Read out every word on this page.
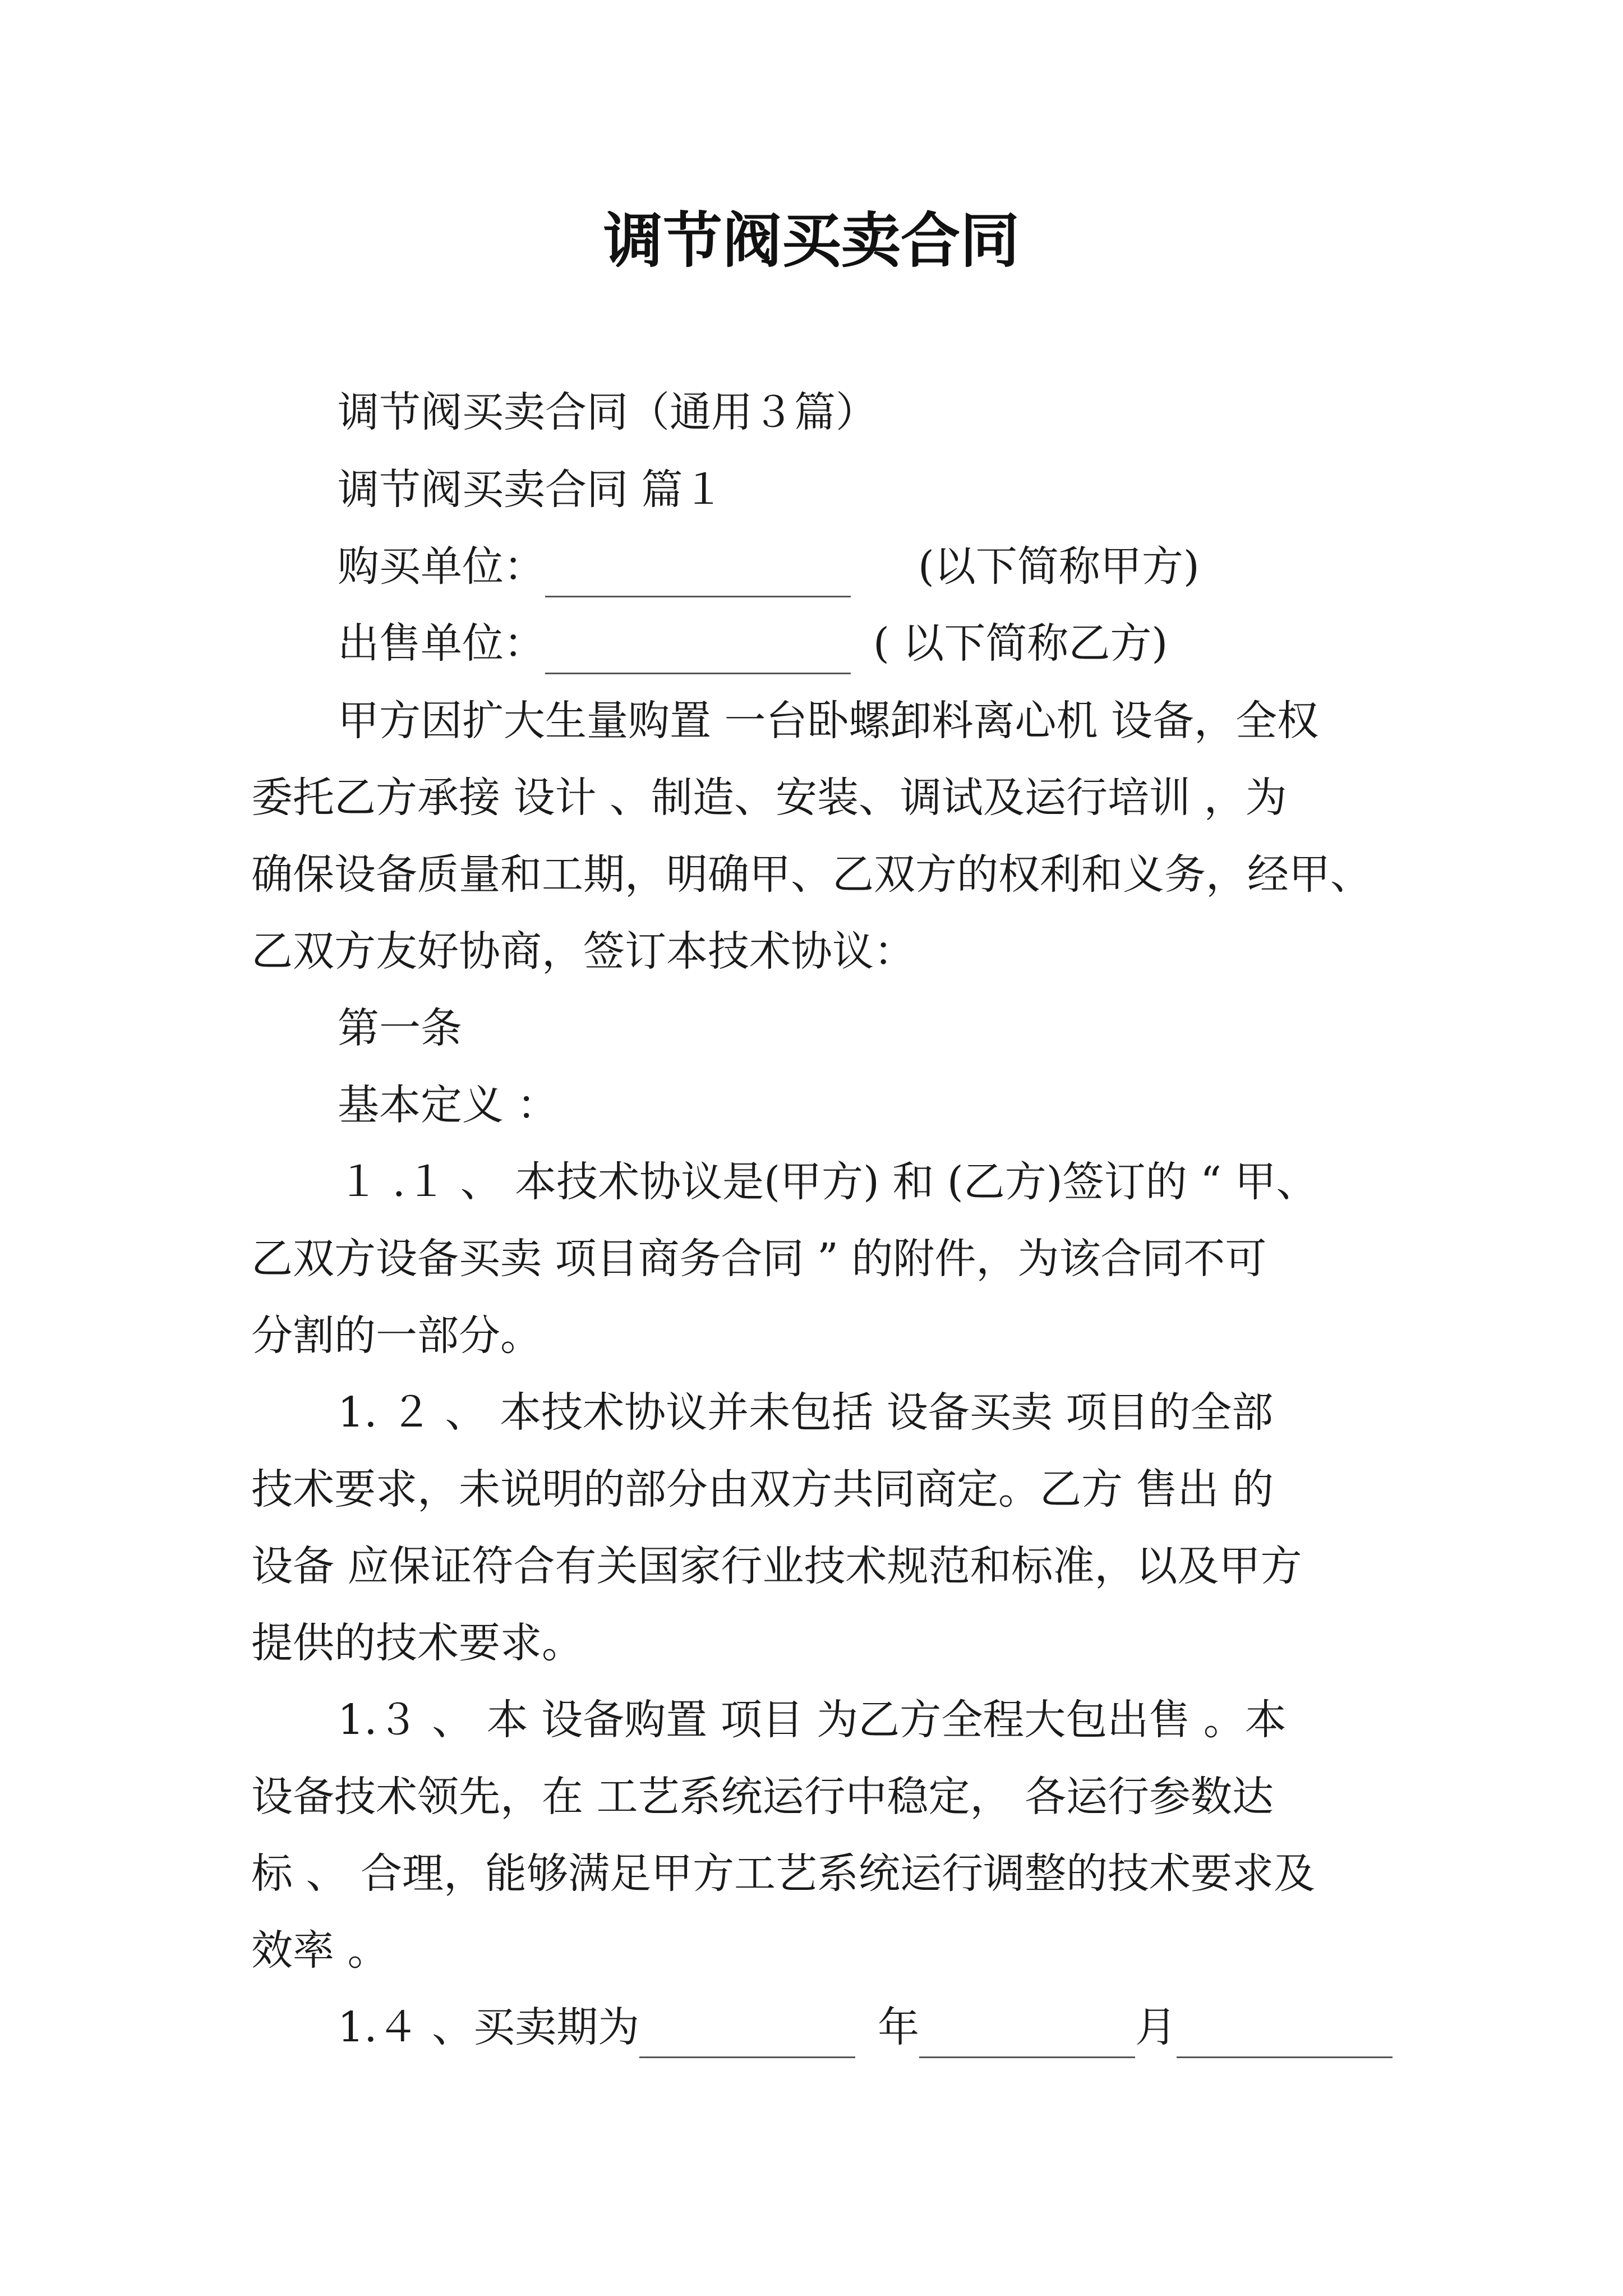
调节阀买卖合同
调节阀买卖合同（通用３篇）
调节阀买卖合同 篇１
购买单位：	(以下简称甲方)
出售单位：	( 以下简称乙方)
甲方因扩大生量购置 一台卧螺卸料离心机 设备，全权
委托乙方承接 设计 、制造、安装、调试及运行培训 ，为
确保设备质量和工期，明确甲、乙双方的权利和义务，经甲、
乙双方友好协商，签订本技术协议：
第一条
基本定义 ：
１ .１ 、 本技术协议是(甲方) 和 (乙方)签订的 “ 甲、
乙双方设备买卖 项目商务合同 ” 的附件，为该合同不可
分割的一部分。
1. ２ 、 本技术协议并未包括 设备买卖 项目的全部
技术要求，未说明的部分由双方共同商定。乙方 售出 的
设备 应保证符合有关国家行业技术规范和标准，以及甲方
提供的技术要求。
1.３ 、 本 设备购置 项目 为乙方全程大包出售 。本
设备技术领先，在 工艺系统运行中稳定， 各运行参数达
标 、 合理，能够满足甲方工艺系统运行调整的技术要求及
效率 。
1.４ 、买卖期为	年	月
